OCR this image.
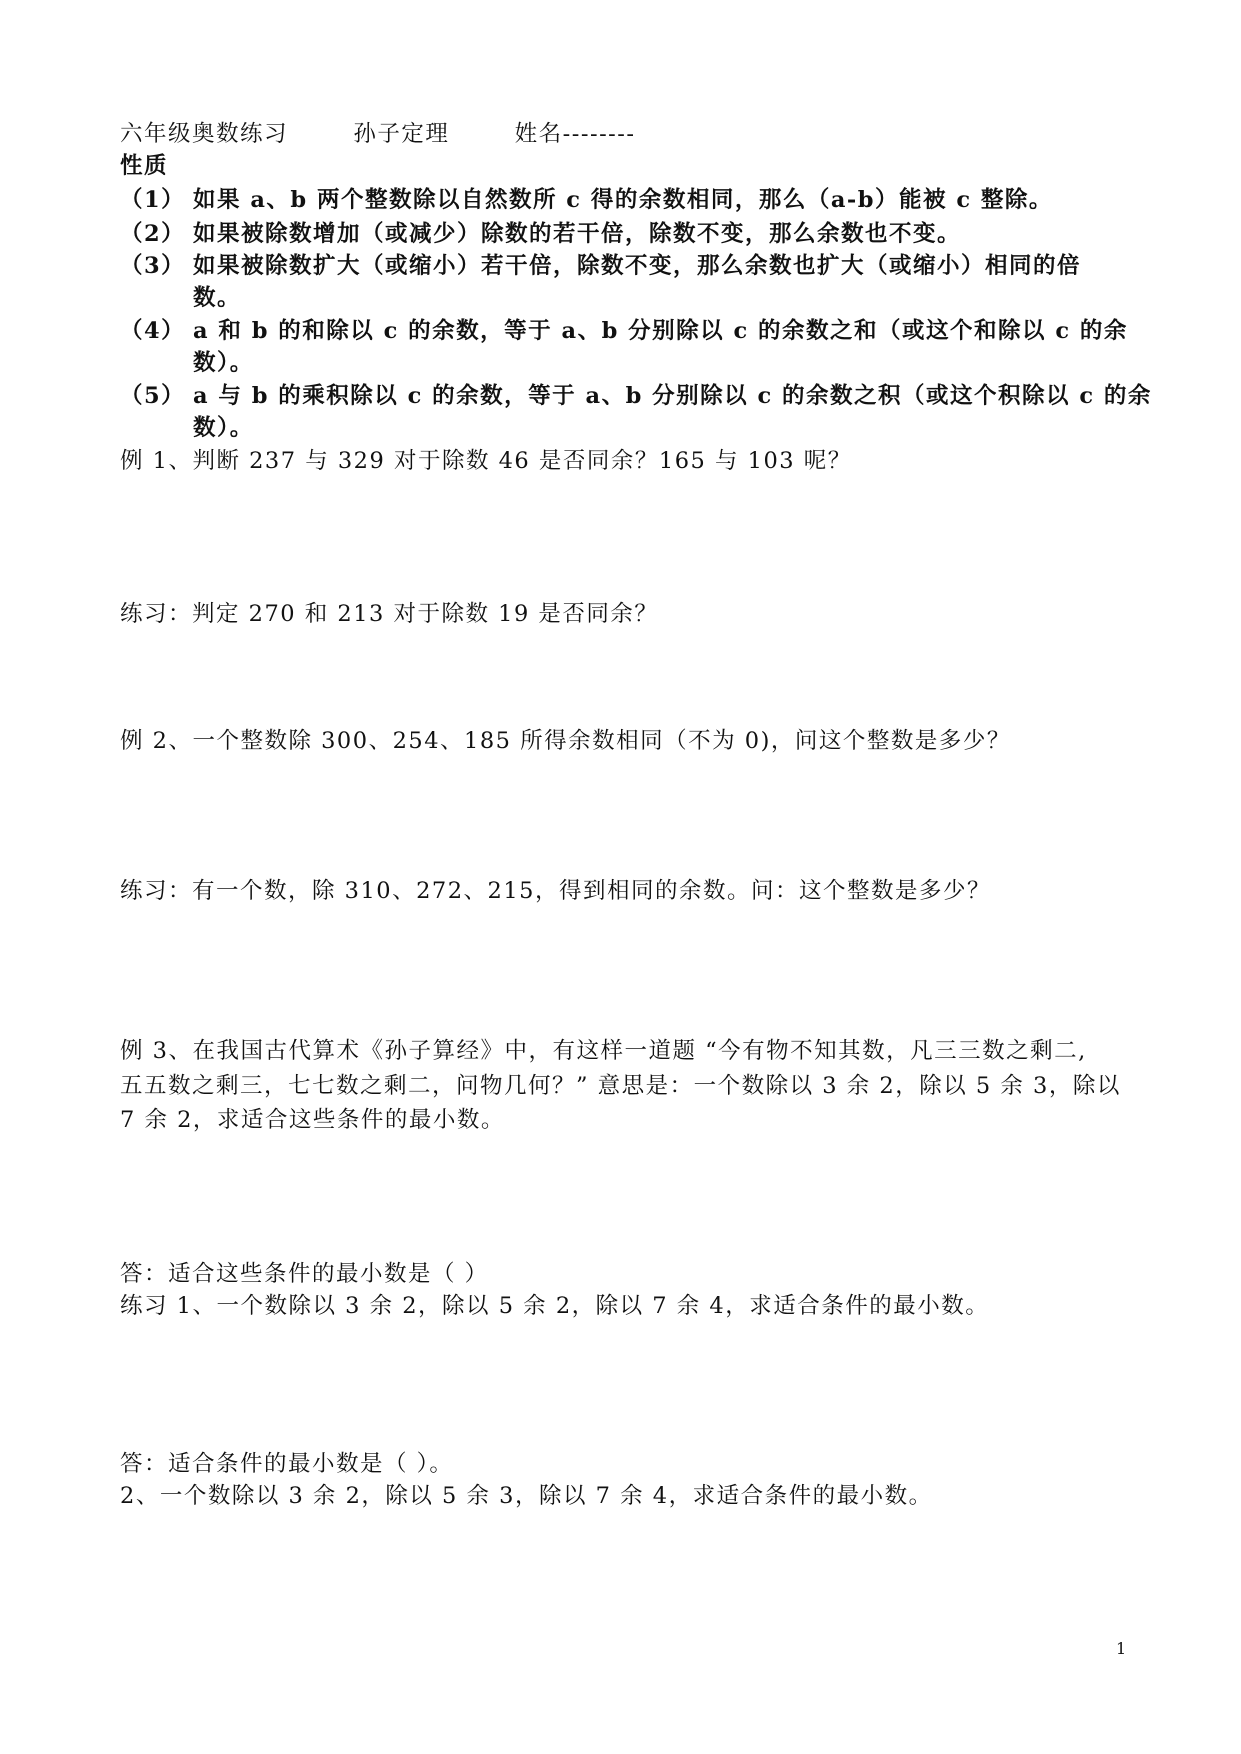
六年级奥数练习	孙子定理	姓名--------
性质
（1） 如果 a、b 两个整数除以自然数所 c 得的余数相同，那么（a-b）能被 c 整除。
（2） 如果被除数增加（或减少）除数的若干倍，除数不变，那么余数也不变。
（3） 如果被除数扩大（或缩小）若干倍，除数不变，那么余数也扩大（或缩小）相同的倍
数。
（4） a 和 b 的和除以 c 的余数，等于 a、b 分别除以 c 的余数之和（或这个和除以 c 的余
数）。
（5） a 与 b 的乘积除以 c 的余数，等于 a、b 分别除以 c 的余数之积（或这个积除以 c 的余
数）。
例 1、判断 237 与 329 对于除数 46 是否同余？165 与 103 呢？
练习：判定 270 和 213 对于除数 19 是否同余？
例 2、一个整数除 300、254、185 所得余数相同（不为 0)，问这个整数是多少？
练习：有一个数，除 310、272、215，得到相同的余数。问：这个整数是多少？
例 3、在我国古代算术《孙子算经》中，有这样一道题 “今有物不知其数，凡三三数之剩二,
五五数之剩三，七七数之剩二，问物几何？” 意思是：一个数除以 3 余 2，除以 5 余 3，除以
7 余 2，求适合这些条件的最小数。
答：适合这些条件的最小数是（ ）
练习 1、一个数除以 3 余 2，除以 5 余 2，除以 7 余 4，求适合条件的最小数。
答：适合条件的最小数是（ ）。
2、一个数除以 3 余 2，除以 5 余 3，除以 7 余 4，求适合条件的最小数。
1
